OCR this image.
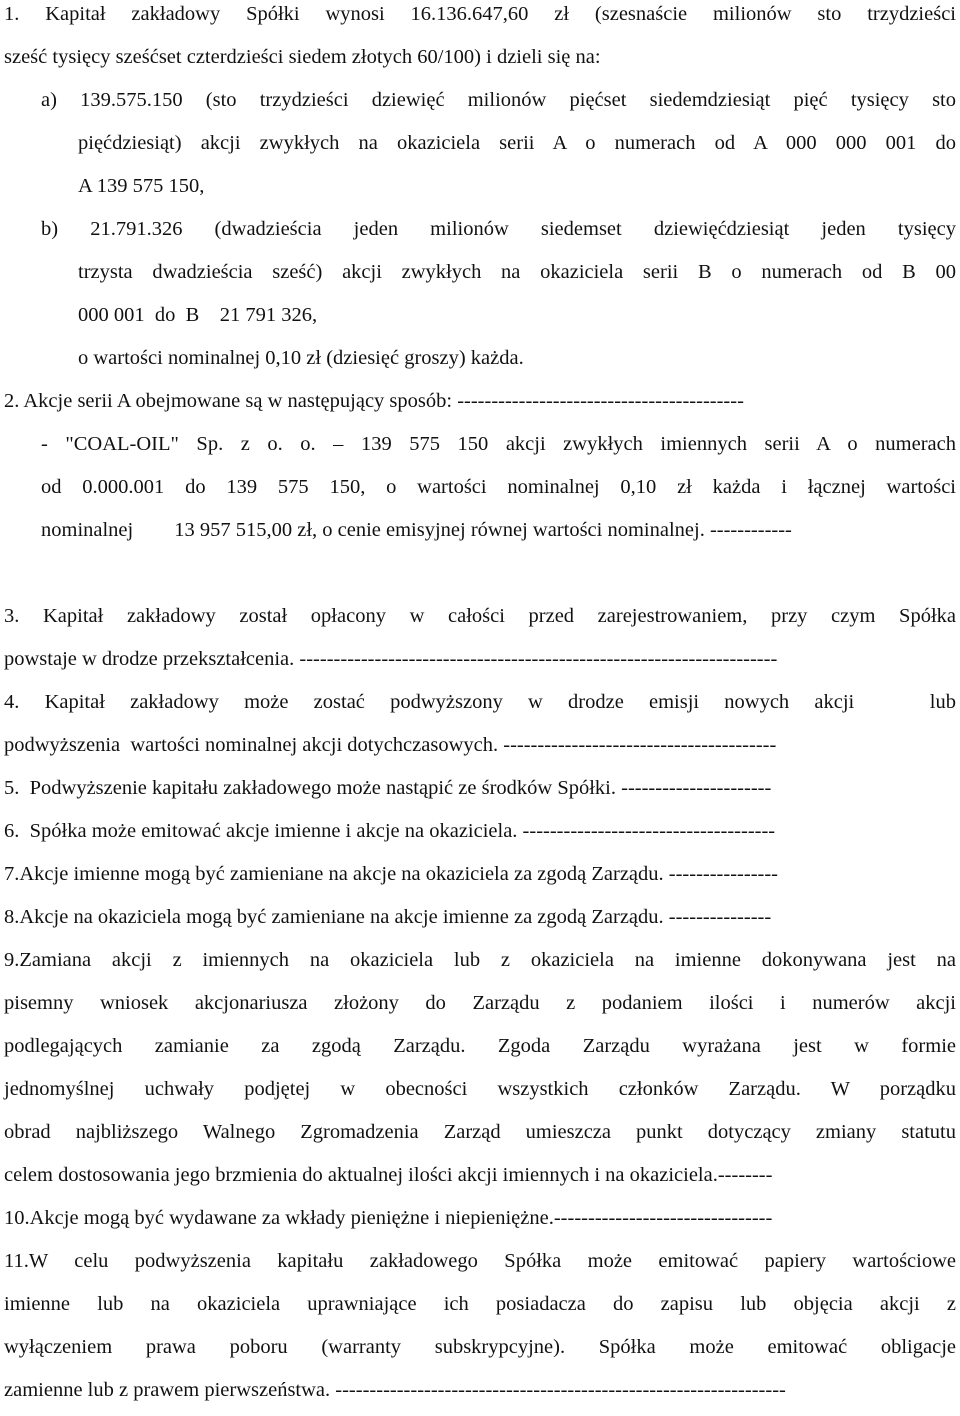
1. Kapitał zakładowy Spółki wynosi 16.136.647,60 zł (szesnaście milionów sto trzydzieści
sześć tysięcy sześćset czterdzieści siedem złotych 60/100) i dzieli się na:
a) 139.575.150 (sto trzydzieści dziewięć milionów pięćset siedemdziesiąt pięć tysięcy sto
pięćdziesiąt) akcji zwykłych na okaziciela serii A o numerach od A 000 000 001 do
A 139 575 150,
b) 21.791.326 (dwadzieścia jeden milionów siedemset dziewięćdziesiąt jeden tysięcy
trzysta dwadzieścia sześć) akcji zwykłych na okaziciela serii B o numerach od B 00
000 001  do  B    21 791 326,
o wartości nominalnej 0,10 zł (dziesięć groszy) każda.
2. Akcje serii A obejmowane są w następujący sposób: ------------------------------------------
- "COAL-OIL" Sp. z o. o. – 139 575 150 akcji zwykłych imiennych serii A o numerach
od 0.000.001 do 139 575 150, o wartości nominalnej 0,10 zł każda i łącznej wartości
nominalnej        13 957 515,00 zł, o cenie emisyjnej równej wartości nominalnej. ------------
3. Kapitał zakładowy został opłacony w całości przed zarejestrowaniem, przy czym Spółka
powstaje w drodze przekształcenia. ----------------------------------------------------------------------
4. Kapitał zakładowy może zostać podwyższony w drodze emisji nowych akcji   lub
podwyższenia  wartości nominalnej akcji dotychczasowych. ----------------------------------------
5.  Podwyższenie kapitału zakładowego może nastąpić ze środków Spółki. ----------------------
6.  Spółka może emitować akcje imienne i akcje na okaziciela. -------------------------------------
7.Akcje imienne mogą być zamieniane na akcje na okaziciela za zgodą Zarządu. ----------------
8.Akcje na okaziciela mogą być zamieniane na akcje imienne za zgodą Zarządu. ---------------
9.Zamiana akcji z imiennych na okaziciela lub z okaziciela na imienne dokonywana jest na
pisemny wniosek akcjonariusza złożony do Zarządu z podaniem ilości i numerów akcji
podlegających zamianie za zgodą Zarządu. Zgoda Zarządu wyrażana jest w formie
jednomyślnej uchwały podjętej w obecności wszystkich członków Zarządu. W porządku
obrad najbliższego Walnego Zgromadzenia Zarząd umieszcza punkt dotyczący zmiany statutu
celem dostosowania jego brzmienia do aktualnej ilości akcji imiennych i na okaziciela.--------
10.Akcje mogą być wydawane za wkłady pieniężne i niepieniężne.--------------------------------
11.W celu podwyższenia kapitału zakładowego Spółka może emitować papiery wartościowe
imienne lub na okaziciela uprawniające ich posiadacza do zapisu lub objęcia akcji z
wyłączeniem prawa poboru (warranty subskrypcyjne). Spółka może emitować obligacje
zamienne lub z prawem pierwszeństwa. ------------------------------------------------------------------
